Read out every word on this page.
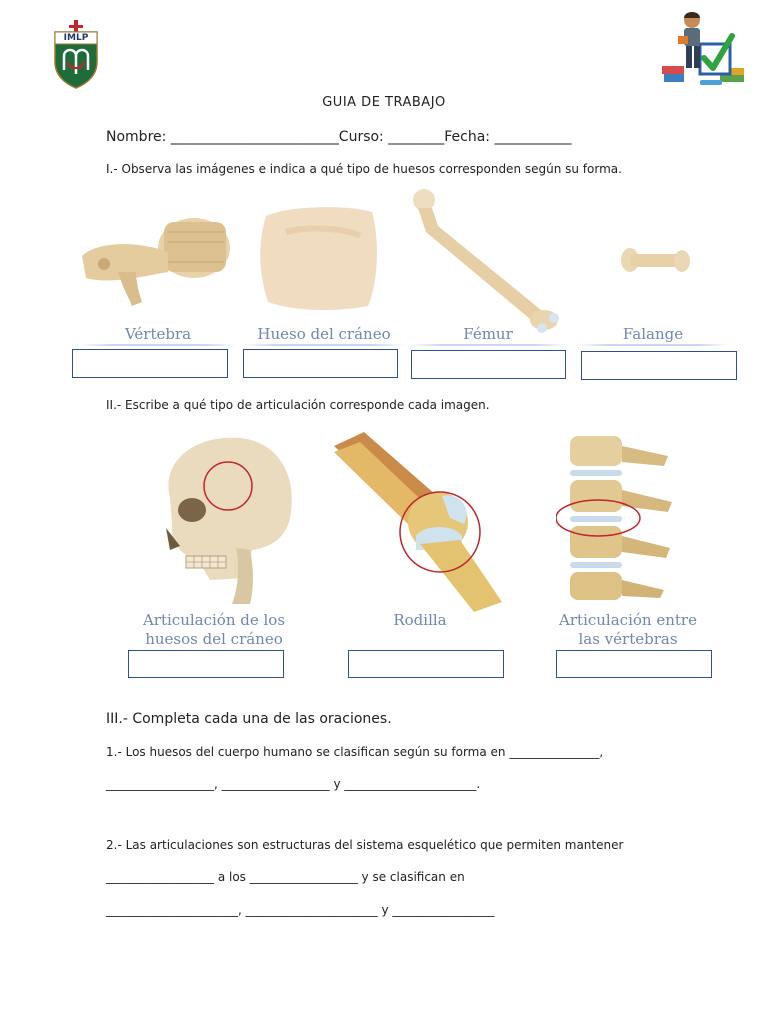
IMLP
GUIA DE TRABAJO
Nombre: ________________________Curso: ________Fecha: ___________
I.- Observa las imágenes e indica a qué tipo de huesos corresponden según su forma.
Vértebra	Hueso del cráneo	Fémur	Falange
II.- Escribe a qué tipo de articulación corresponde cada imagen.
Articulación de los
huesos del cráneo
Rodilla	Articulación entre
las vértebras
III.- Completa cada una de las oraciones.
1.- Los huesos del cuerpo humano se clasifican según su forma en _______________,
__________________, __________________ y ______________________.
2.- Las articulaciones son estructuras del sistema esquelético que permiten mantener
__________________ a los __________________ y se clasifican en
______________________, ______________________ y _________________
